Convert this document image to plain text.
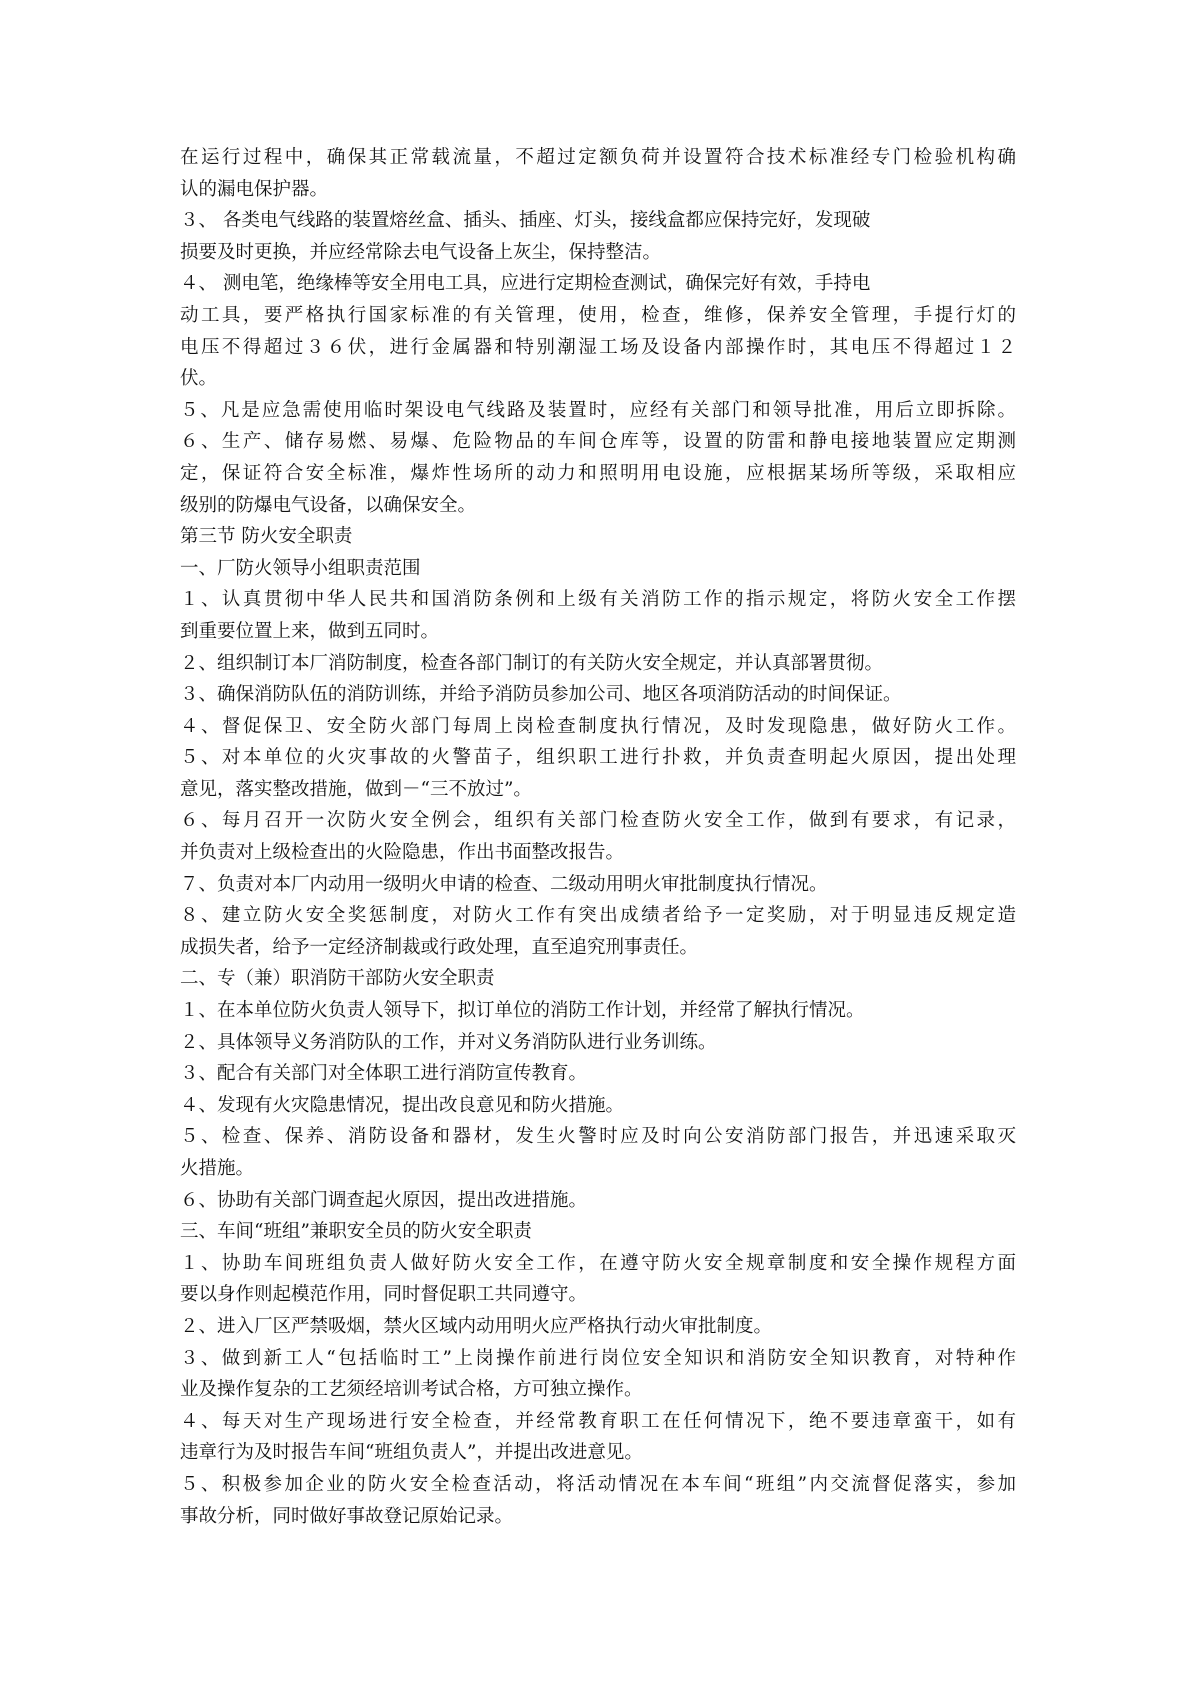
在运行过程中，确保其正常载流量，不超过定额负荷并设置符合技术标准经专门检验机构确
认的漏电保护器。
３、 各类电气线路的装置熔丝盒、插头、插座、灯头，接线盒都应保持完好，发现破
损要及时更换，并应经常除去电气设备上灰尘，保持整洁。
４、 测电笔，绝缘棒等安全用电工具，应进行定期检查测试，确保完好有效，手持电
动工具，要严格执行国家标准的有关管理，使用，检查，维修，保养安全管理，手提行灯的
电压不得超过３６伏，进行金属器和特别潮湿工场及设备内部操作时，其电压不得超过１２
伏。
５、凡是应急需使用临时架设电气线路及装置时，应经有关部门和领导批准，用后立即拆除。
６、生产、储存易燃、易爆、危险物品的车间仓库等，设置的防雷和静电接地装置应定期测
定，保证符合安全标准，爆炸性场所的动力和照明用电设施，应根据某场所等级，采取相应
级别的防爆电气设备，以确保安全。
第三节 防火安全职责
一、厂防火领导小组职责范围
１、认真贯彻中华人民共和国消防条例和上级有关消防工作的指示规定，将防火安全工作摆
到重要位置上来，做到五同时。
２、组织制订本厂消防制度，检查各部门制订的有关防火安全规定，并认真部署贯彻。
３、确保消防队伍的消防训练，并给予消防员参加公司、地区各项消防活动的时间保证。
４、督促保卫、安全防火部门每周上岗检查制度执行情况，及时发现隐患，做好防火工作。
５、对本单位的火灾事故的火警苗子，组织职工进行扑救，并负责查明起火原因，提出处理
意见，落实整改措施，做到－“三不放过”。
６、每月召开一次防火安全例会，组织有关部门检查防火安全工作，做到有要求，有记录，
并负责对上级检查出的火险隐患，作出书面整改报告。
７、负责对本厂内动用一级明火申请的检查、二级动用明火审批制度执行情况。
８、建立防火安全奖惩制度，对防火工作有突出成绩者给予一定奖励，对于明显违反规定造
成损失者，给予一定经济制裁或行政处理，直至追究刑事责任。
二、专（兼）职消防干部防火安全职责
１、在本单位防火负责人领导下，拟订单位的消防工作计划，并经常了解执行情况。
２、具体领导义务消防队的工作，并对义务消防队进行业务训练。
３、配合有关部门对全体职工进行消防宣传教育。
４、发现有火灾隐患情况，提出改良意见和防火措施。
５、检查、保养、消防设备和器材，发生火警时应及时向公安消防部门报告，并迅速采取灭
火措施。
６、协助有关部门调查起火原因，提出改进措施。
三、车间“班组”兼职安全员的防火安全职责
１、协助车间班组负责人做好防火安全工作，在遵守防火安全规章制度和安全操作规程方面
要以身作则起模范作用，同时督促职工共同遵守。
２、进入厂区严禁吸烟，禁火区域内动用明火应严格执行动火审批制度。
３、做到新工人“包括临时工”上岗操作前进行岗位安全知识和消防安全知识教育，对特种作
业及操作复杂的工艺须经培训考试合格，方可独立操作。
４、每天对生产现场进行安全检查，并经常教育职工在任何情况下，绝不要违章蛮干，如有
违章行为及时报告车间“班组负责人”，并提出改进意见。
５、积极参加企业的防火安全检查活动，将活动情况在本车间“班组”内交流督促落实，参加
事故分析，同时做好事故登记原始记录。
